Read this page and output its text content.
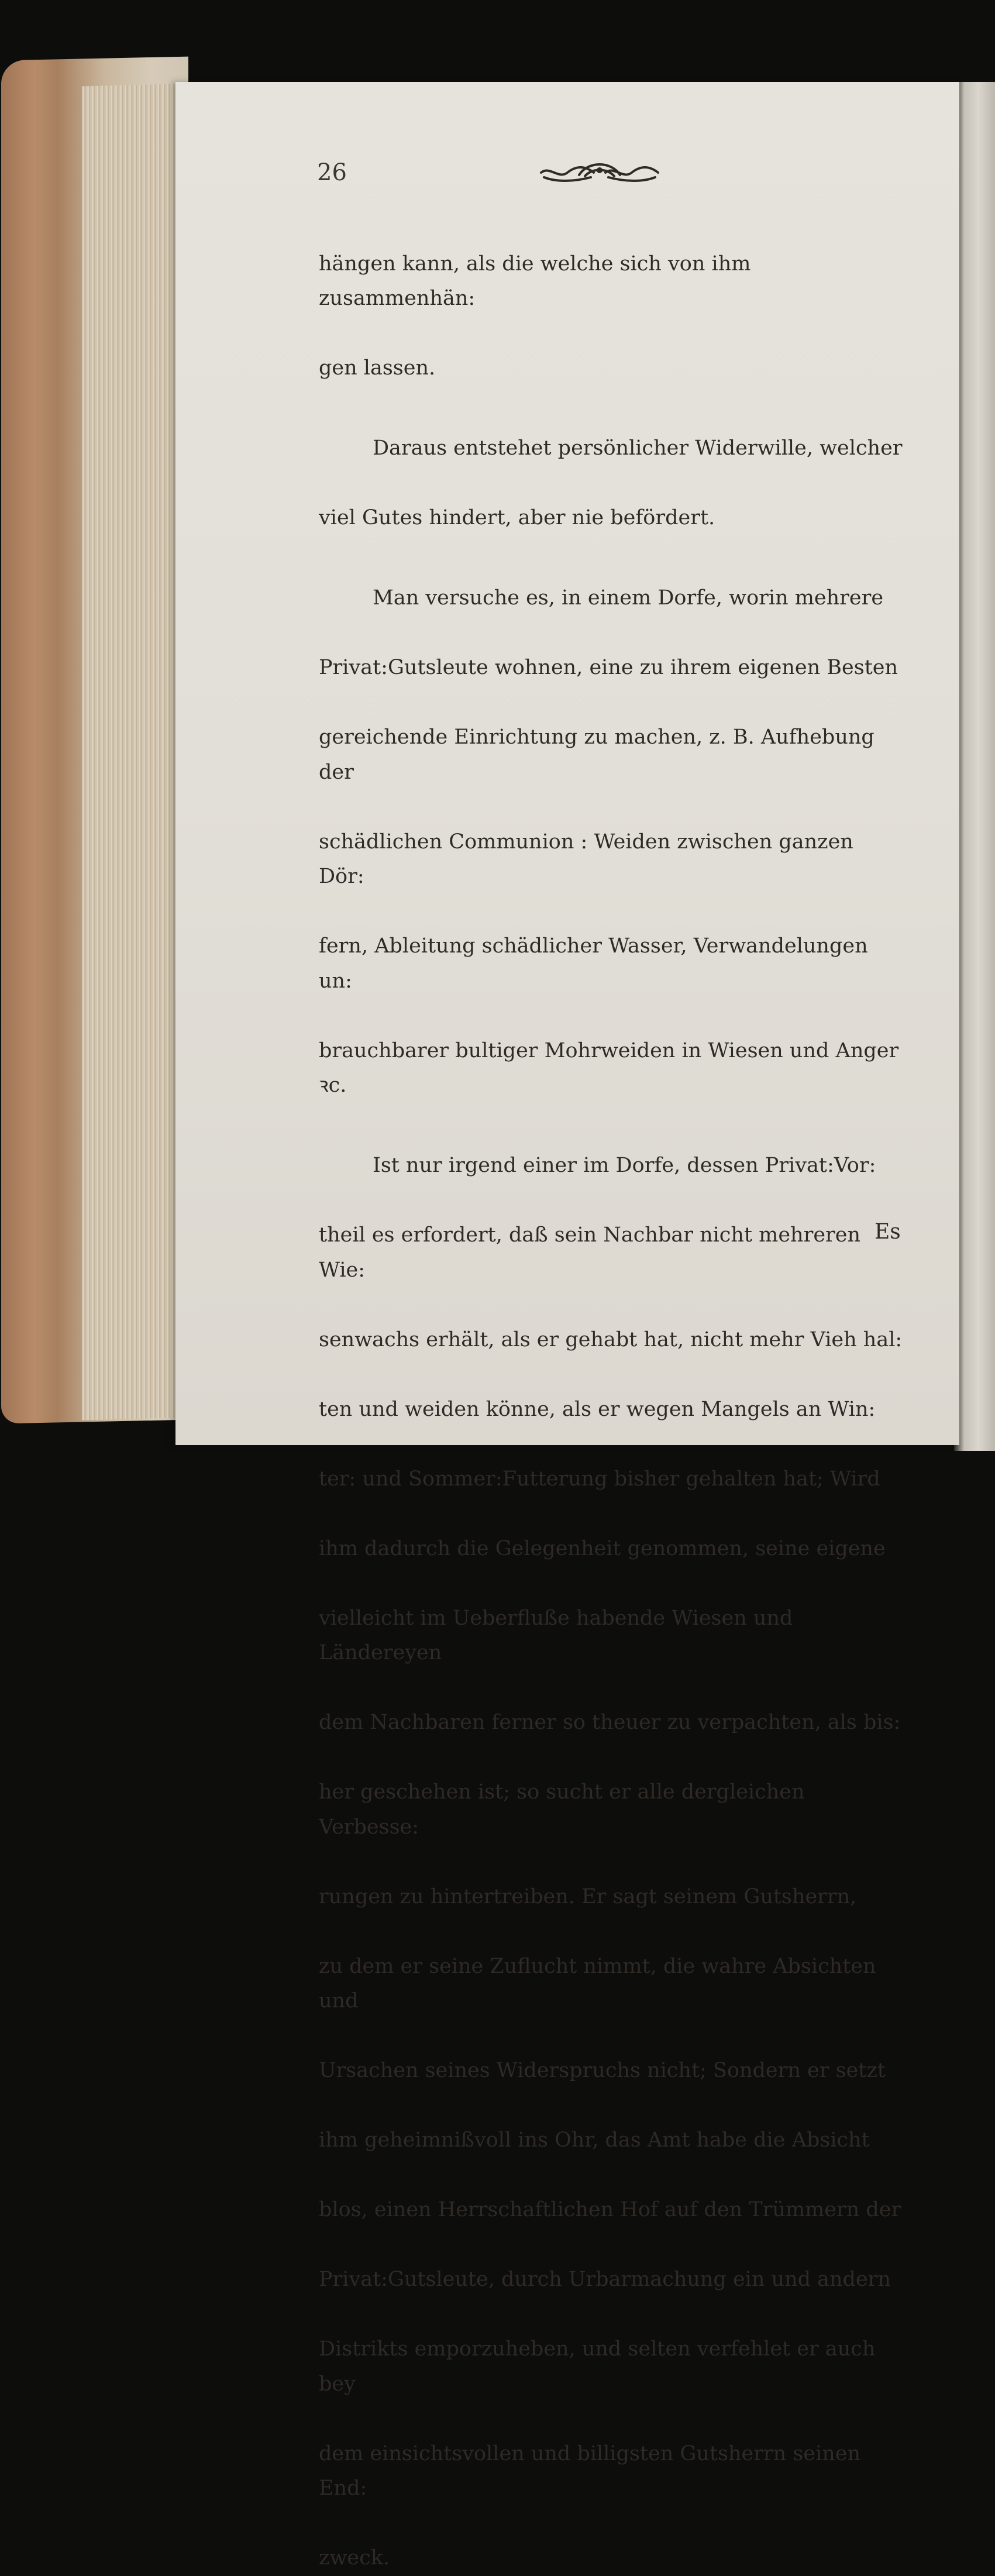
26

hängen kann, als die welche sich von ihm zusammenhän:

gen lassen.

Daraus entstehet persönlicher Widerwille, welcher

viel Gutes hindert, aber nie befördert.

Man versuche es, in einem Dorfe, worin mehrere

Privat:Gutsleute wohnen, eine zu ihrem eigenen Besten

gereichende Einrichtung zu machen, z. B. Aufhebung der

schädlichen Communion : Weiden zwischen ganzen Dör:

fern, Ableitung schädlicher Wasser, Verwandelungen un:

brauchbarer bultiger Mohrweiden in Wiesen und Anger ꝛc.

Ist nur irgend einer im Dorfe, dessen Privat:Vor:

theil es erfordert, daß sein Nachbar nicht mehreren Wie:

senwachs erhält, als er gehabt hat, nicht mehr Vieh hal:

ten und weiden könne, als er wegen Mangels an Win:

ter: und Sommer:Futterung bisher gehalten hat; Wird

ihm dadurch die Gelegenheit genommen, seine eigene

vielleicht im Ueberfluße habende Wiesen und Ländereyen

dem Nachbaren ferner so theuer zu verpachten, als bis:

her geschehen ist; so sucht er alle dergleichen Verbesse:

rungen zu hintertreiben. Er sagt seinem Gutsherrn,

zu dem er seine Zuflucht nimmt, die wahre Absichten und

Ursachen seines Widerspruchs nicht; Sondern er setzt

ihm geheimnißvoll ins Ohr, das Amt habe die Absicht

blos, einen Herrschaftlichen Hof auf den Trümmern der

Privat:Gutsleute, durch Urbarmachung ein und andern

Distrikts emporzuheben, und selten verfehlet er auch bey

dem einsichtsvollen und billigsten Gutsherrn seinen End:

zweck.

Es
